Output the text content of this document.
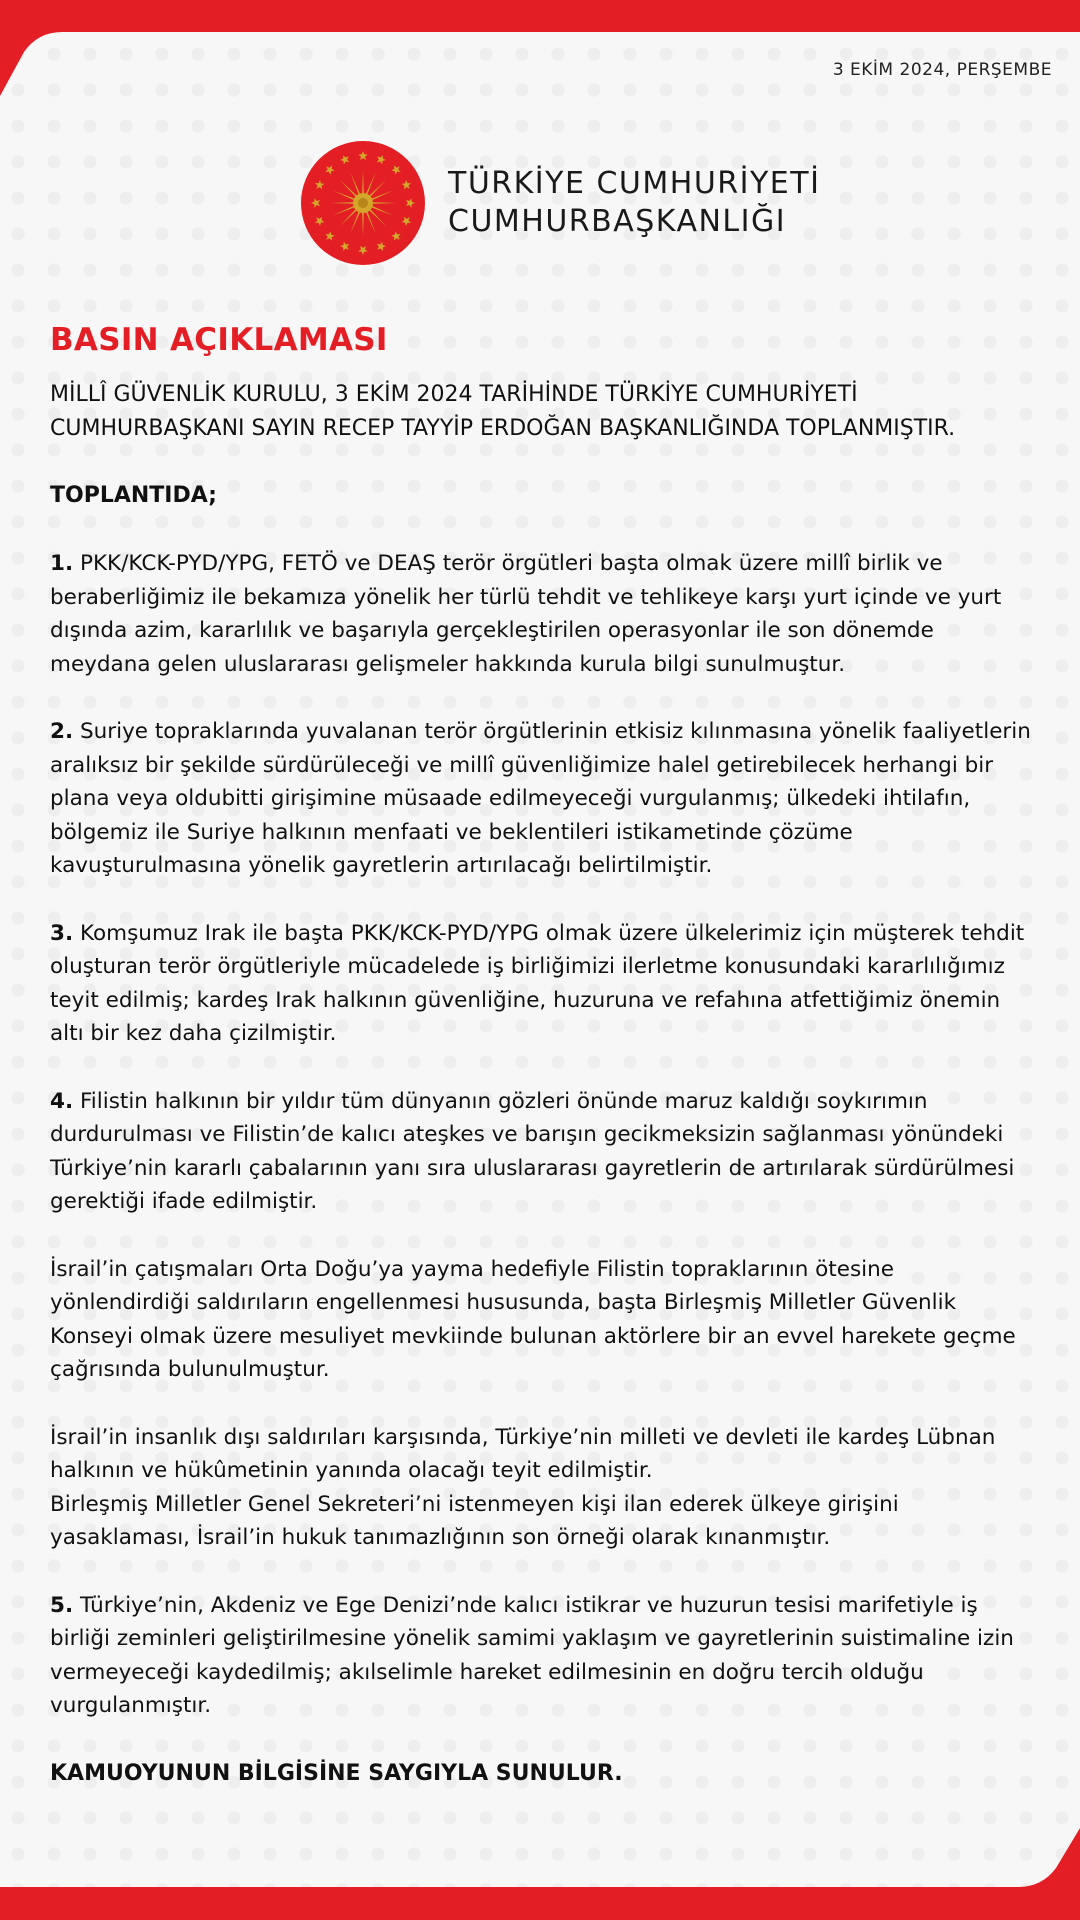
3 EKİM 2024, PERŞEMBE
TÜRKİYE CUMHURİYETİ
CUMHURBAŞKANLIĞI
BASIN AÇIKLAMASI

MİLLÎ GÜVENLİK KURULU, 3 EKİM 2024 TARİHİNDE TÜRKİYE CUMHURİYETİ CUMHURBAŞKANI SAYIN RECEP TAYYİP ERDOĞAN BAŞKANLIĞINDA TOPLANMIŞTIR.

TOPLANTIDA;

1. PKK/KCK-PYD/YPG, FETÖ ve DEAŞ terör örgütleri başta olmak üzere millî birlik ve beraberliğimiz ile bekamıza yönelik her türlü tehdit ve tehlikeye karşı yurt içinde ve yurt dışında azim, kararlılık ve başarıyla gerçekleştirilen operasyonlar ile son dönemde meydana gelen uluslararası gelişmeler hakkında kurula bilgi sunulmuştur.

2. Suriye topraklarında yuvalanan terör örgütlerinin etkisiz kılınmasına yönelik faaliyetlerin aralıksız bir şekilde sürdürüleceği ve millî güvenliğimize halel getirebilecek herhangi bir plana veya oldubitti girişimine müsaade edilmeyeceği vurgulanmış; ülkedeki ihtilafın, bölgemiz ile Suriye halkının menfaati ve beklentileri istikametinde çözüme kavuşturulmasına yönelik gayretlerin artırılacağı belirtilmiştir.

3. Komşumuz Irak ile başta PKK/KCK-PYD/YPG olmak üzere ülkelerimiz için müşterek tehdit oluşturan terör örgütleriyle mücadelede iş birliğimizi ilerletme konusundaki kararlılığımız teyit edilmiş; kardeş Irak halkının güvenliğine, huzuruna ve refahına atfettiğimiz önemin altı bir kez daha çizilmiştir.

4. Filistin halkının bir yıldır tüm dünyanın gözleri önünde maruz kaldığı soykırımın durdurulması ve Filistin’de kalıcı ateşkes ve barışın gecikmeksizin sağlanması yönündeki Türkiye’nin kararlı çabalarının yanı sıra uluslararası gayretlerin de artırılarak sürdürülmesi gerektiği ifade edilmiştir.

İsrail’in çatışmaları Orta Doğu’ya yayma hedefiyle Filistin topraklarının ötesine yönlendirdiği saldırıların engellenmesi hususunda, başta Birleşmiş Milletler Güvenlik Konseyi olmak üzere mesuliyet mevkiinde bulunan aktörlere bir an evvel harekete geçme çağrısında bulunulmuştur.

İsrail’in insanlık dışı saldırıları karşısında, Türkiye’nin milleti ve devleti ile kardeş Lübnan halkının ve hükûmetinin yanında olacağı teyit edilmiştir.
Birleşmiş Milletler Genel Sekreteri’ni istenmeyen kişi ilan ederek ülkeye girişini yasaklaması, İsrail’in hukuk tanımazlığının son örneği olarak kınanmıştır.

5. Türkiye’nin, Akdeniz ve Ege Denizi’nde kalıcı istikrar ve huzurun tesisi marifetiyle iş birliği zeminleri geliştirilmesine yönelik samimi yaklaşım ve gayretlerinin suistimaline izin vermeyeceği kaydedilmiş; akılselimle hareket edilmesinin en doğru tercih olduğu vurgulanmıştır.

KAMUOYUNUN BİLGİSİNE SAYGIYLA SUNULUR.
